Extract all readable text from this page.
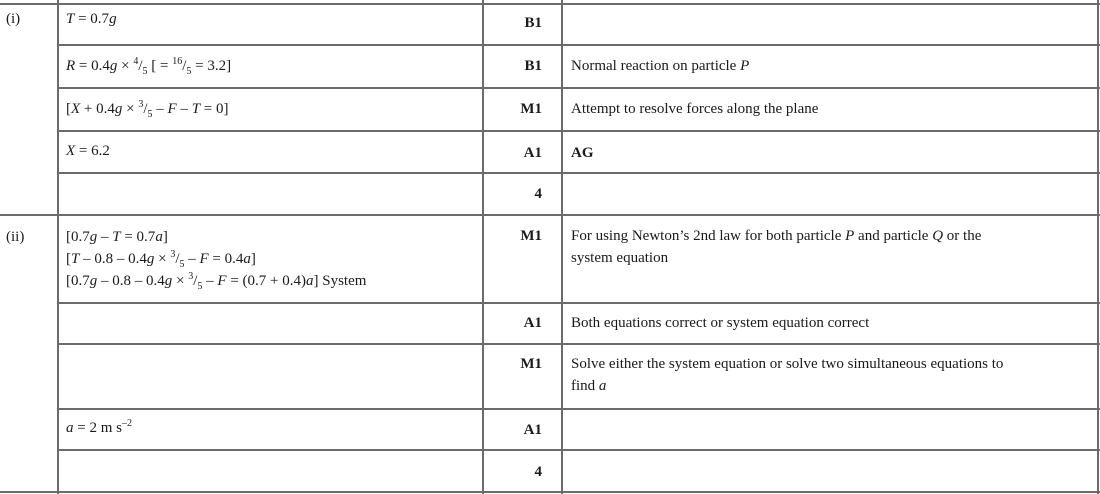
(i)	T = 0.7g	B1
$R = 0.4g \times ^4/_5$ [ = $^{16}/_5 = 3.2$]	B1 Normal reaction on particle P
$[X + 0.4g \times ^3/_5 - F - T = 0]$	M1 Attempt to resolve forces along the plane
X = 6.2	A1 AG
4
(ii)	[0.7g – T = 0.7a]
$[T - 0.8 - 0.4g \times ^3/_5 - F = 0.4a]$
$[0.7g - 0.8 - 0.4g \times ^3/_5 - F = (0.7 + 0.4)a]$ System
M1 For using Newton’s 2nd law for both particle P and particle Q or the
system equation
A1 Both equations correct or system equation correct
M1 Solve either the system equation or solve two simultaneous equations to
find a
a = 2 m $s^{-2}$	A1
4
